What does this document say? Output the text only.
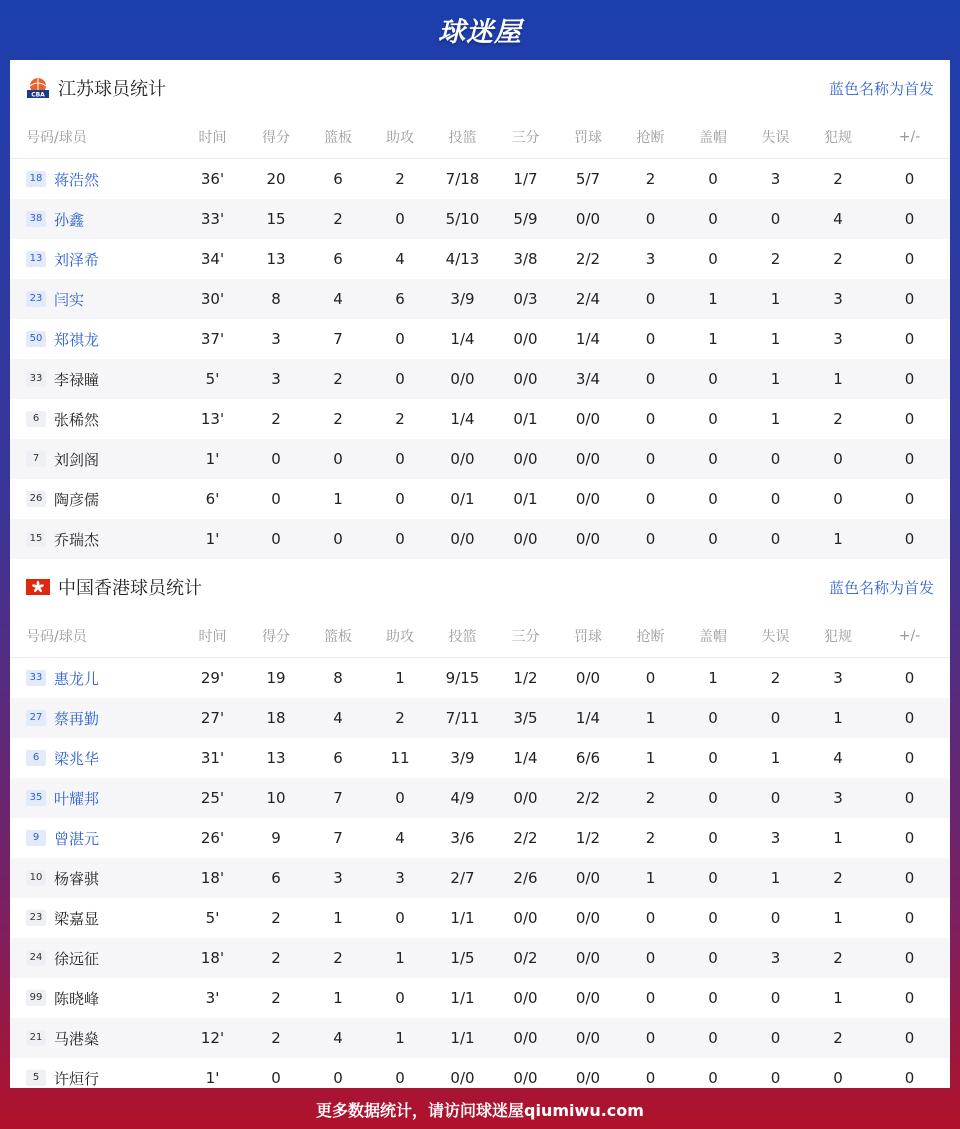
球迷屋
CBA 江苏球员统计	蓝色名称为首发
号码/球员	时间	得分	篮板	助攻	投篮	三分	罚球	抢断	盖帽	失误	犯规	+/-
18 蒋浩然	36'	20	6	2	7/18	1/7	5/7	2	0	3	2	0
38 孙鑫	33'	15	2	0	5/10	5/9	0/0	0	0	0	4	0
13 刘泽希	34'	13	6	4	4/13	3/8	2/2	3	0	2	2	0
23 闫实	30'	8	4	6	3/9	0/3	2/4	0	1	1	3	0
50 郑祺龙	37'	3	7	0	1/4	0/0	1/4	0	1	1	3	0
33 李禄瞳	5'	3	2	0	0/0	0/0	3/4	0	0	1	1	0
6 张稀然	13'	2	2	2	1/4	0/1	0/0	0	0	1	2	0
7 刘剑阁	1'	0	0	0	0/0	0/0	0/0	0	0	0	0	0
26 陶彦儒	6'	0	1	0	0/1	0/1	0/0	0	0	0	0	0
15 乔瑞杰	1'	0	0	0	0/0	0/0	0/0	0	0	0	1	0
中国香港球员统计	蓝色名称为首发
号码/球员	时间	得分	篮板	助攻	投篮	三分	罚球	抢断	盖帽	失误	犯规	+/-
33 惠龙儿	29'	19	8	1	9/15	1/2	0/0	0	1	2	3	0
27 蔡再勤	27'	18	4	2	7/11	3/5	1/4	1	0	0	1	0
6 梁兆华	31'	13	6	11	3/9	1/4	6/6	1	0	1	4	0
35 叶耀邦	25'	10	7	0	4/9	0/0	2/2	2	0	0	3	0
9 曾湛元	26'	9	7	4	3/6	2/2	1/2	2	0	3	1	0
10 杨睿骐	18'	6	3	3	2/7	2/6	0/0	1	0	1	2	0
23 梁嘉显	5'	2	1	0	1/1	0/0	0/0	0	0	0	1	0
24 徐远征	18'	2	2	1	1/5	0/2	0/0	0	0	3	2	0
99 陈晓峰	3'	2	1	0	1/1	0/0	0/0	0	0	0	1	0
21 马港燊	12'	2	4	1	1/1	0/0	0/0	0	0	0	2	0
5 许烜行	1'	0	0	0	0/0	0/0	0/0	0	0	0	0	0
更多数据统计，请访问球迷屋qiumiwu.com
